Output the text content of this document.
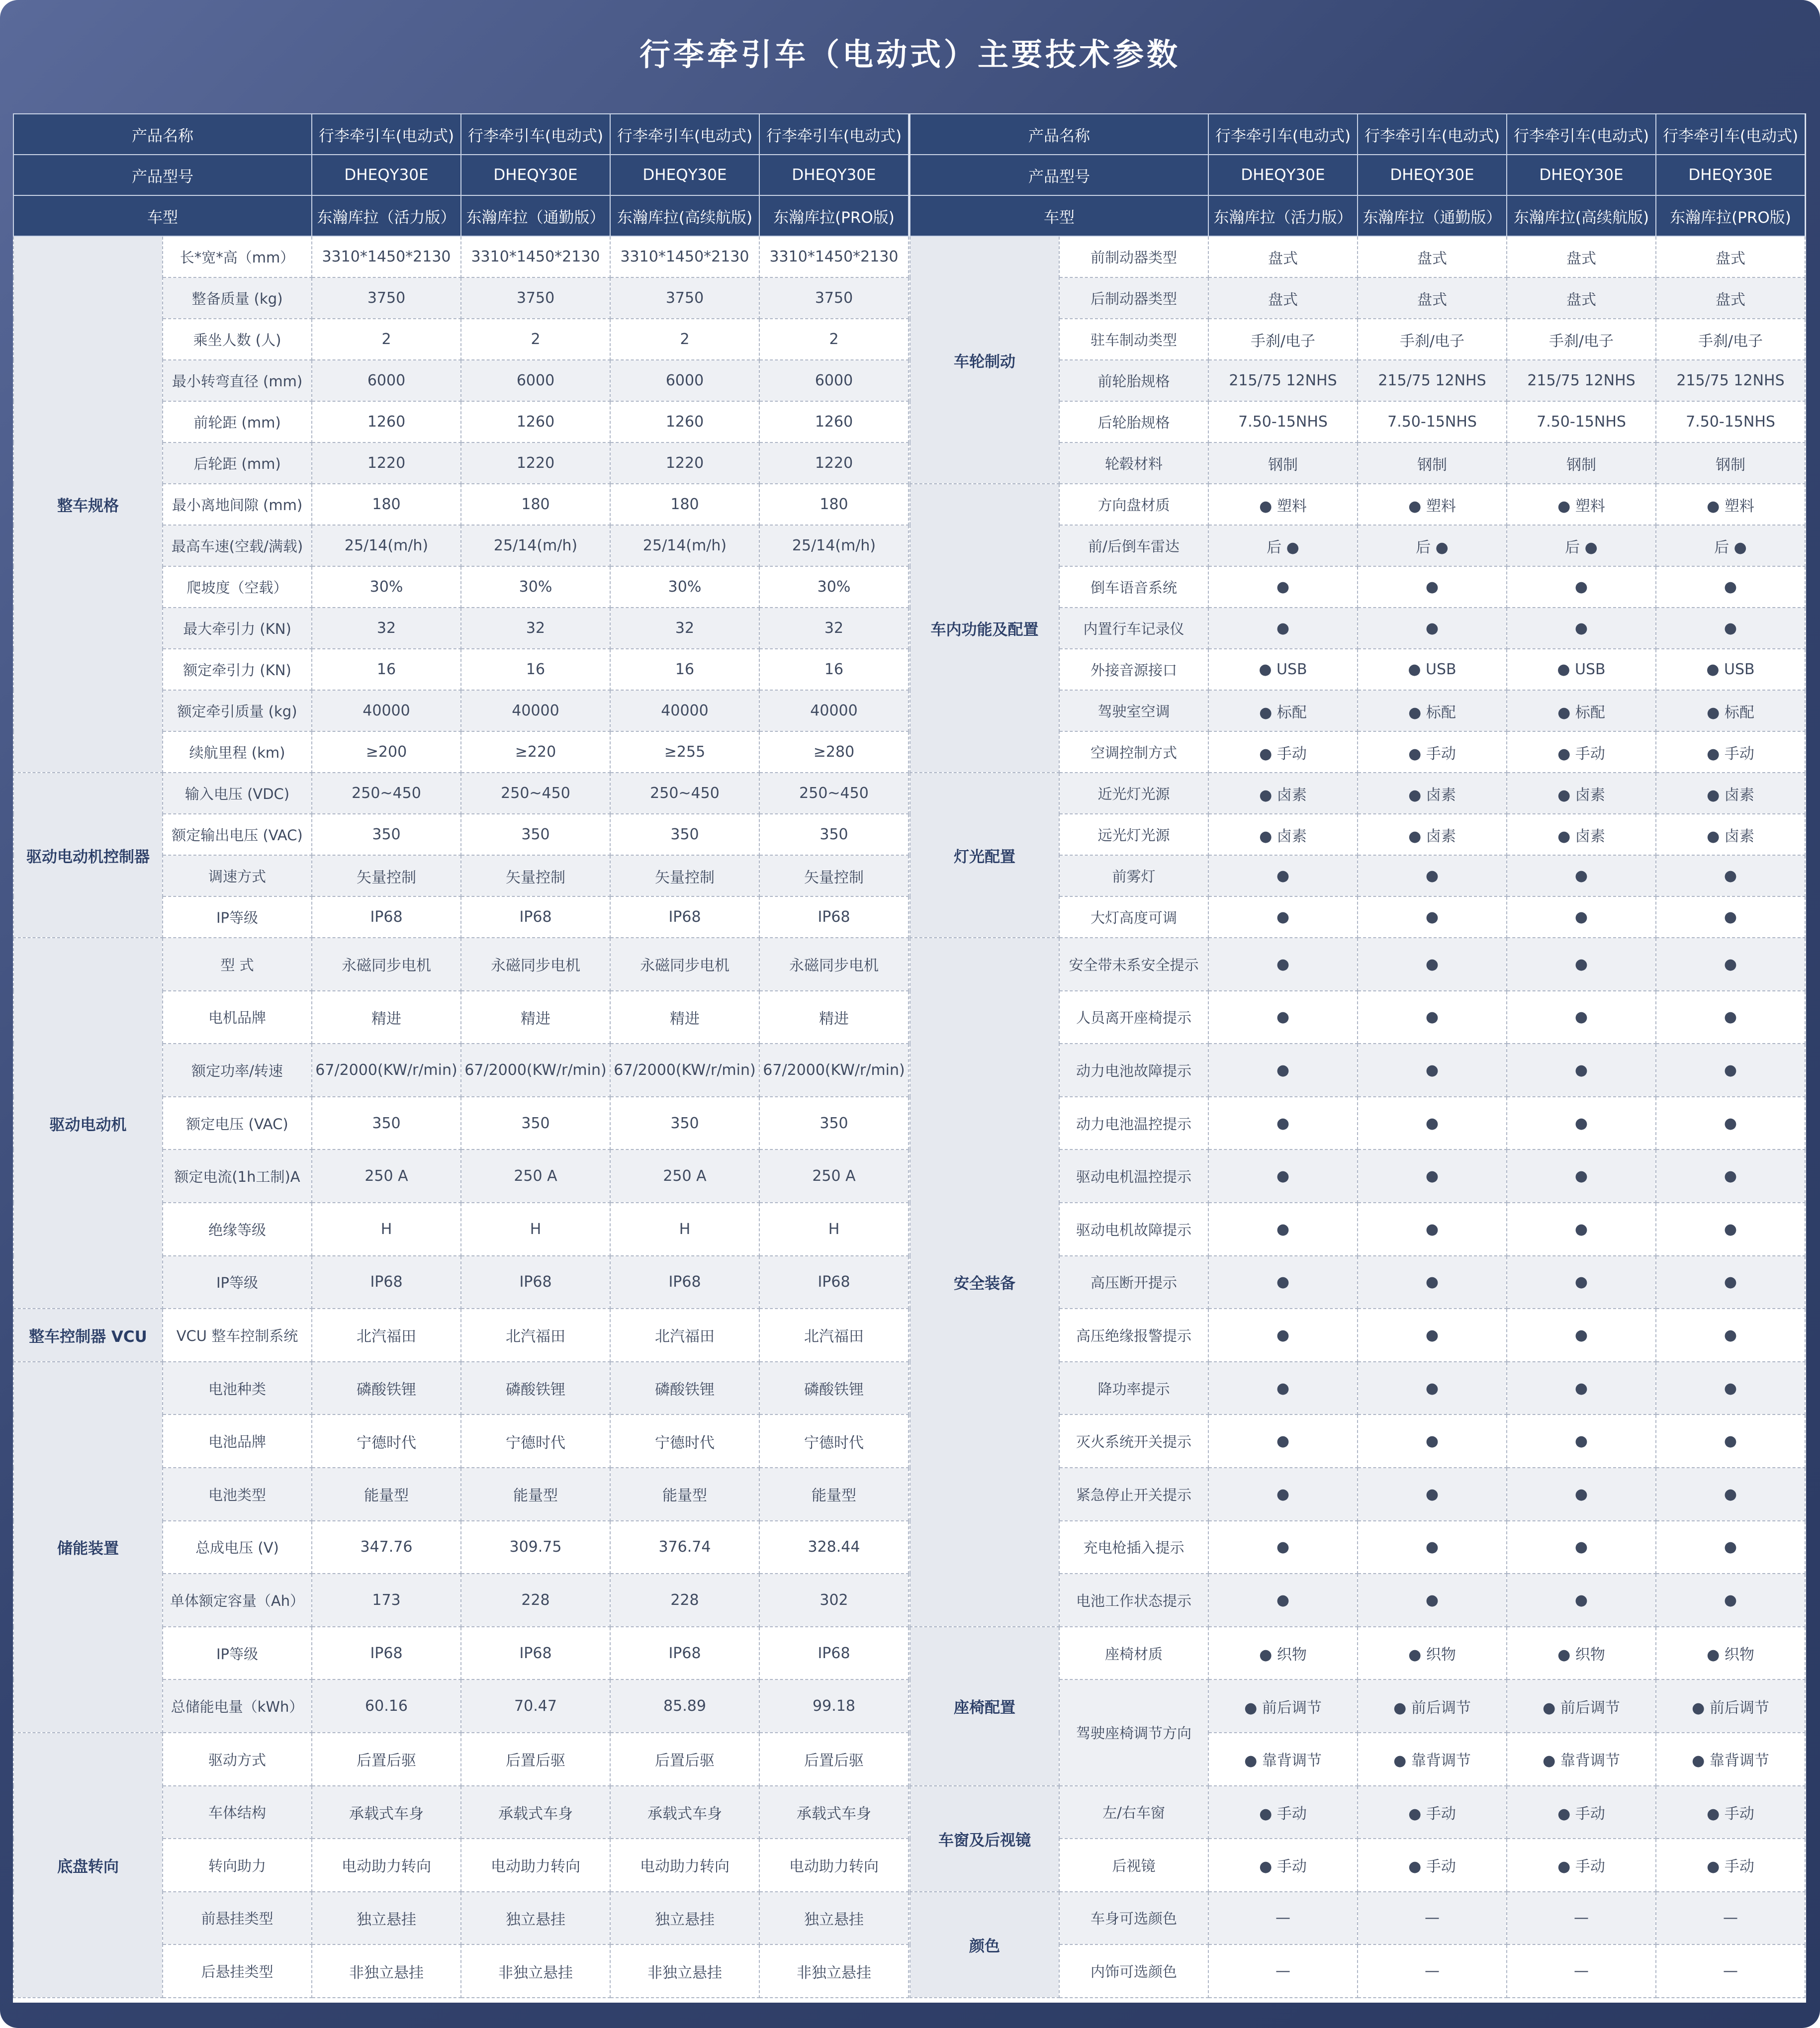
行李牵引车（电动式）主要技术参数
产品名称		行李牵引车(电动式)	行李牵引车(电动式)	行李牵引车(电动式)	行李牵引车(电动式)
产品型号		DHEQY30E	DHEQY30E	DHEQY30E	DHEQY30E
车型		东瀚库拉（活力版）	东瀚库拉（通勤版）	东瀚库拉(高续航版)	东瀚库拉(PRO版)
整车规格	长*宽*高（mm）	3310*1450*2130	3310*1450*2130	3310*1450*2130	3310*1450*2130
	整备质量 (kg)	3750	3750	3750	3750
	乘坐人数 (人)	2	2	2	2
	最小转弯直径 (mm)	6000	6000	6000	6000
	前轮距 (mm)	1260	1260	1260	1260
	后轮距 (mm)	1220	1220	1220	1220
	最小离地间隙 (mm)	180	180	180	180
	最高车速(空载/满载)	25/14(m/h)	25/14(m/h)	25/14(m/h)	25/14(m/h)
	爬坡度（空载）	30%	30%	30%	30%
	最大牵引力 (KN)	32	32	32	32
	额定牵引力 (KN)	16	16	16	16
	额定牵引质量 (kg)	40000	40000	40000	40000
	续航里程 (km)	≥200	≥220	≥255	≥280
驱动电动机控制器	输入电压 (VDC)	250~450	250~450	250~450	250~450
	额定输出电压 (VAC)	350	350	350	350
	调速方式	矢量控制	矢量控制	矢量控制	矢量控制
	IP等级	IP68	IP68	IP68	IP68
驱动电动机	型 式	永磁同步电机	永磁同步电机	永磁同步电机	永磁同步电机
	电机品牌	精进	精进	精进	精进
	额定功率/转速	67/2000(KW/r/min)	67/2000(KW/r/min)	67/2000(KW/r/min)	67/2000(KW/r/min)
	额定电压 (VAC)	350	350	350	350
	额定电流(1h工制)A	250 A	250 A	250 A	250 A
	绝缘等级	H	H	H	H
	IP等级	IP68	IP68	IP68	IP68
整车控制器 VCU	VCU 整车控制系统	北汽福田	北汽福田	北汽福田	北汽福田
储能装置	电池种类	磷酸铁锂	磷酸铁锂	磷酸铁锂	磷酸铁锂
	电池品牌	宁德时代	宁德时代	宁德时代	宁德时代
	电池类型	能量型	能量型	能量型	能量型
	总成电压 (V)	347.76	309.75	376.74	328.44
	单体额定容量（Ah）	173	228	228	302
	IP等级	IP68	IP68	IP68	IP68
	总储能电量（kWh）	60.16	70.47	85.89	99.18
底盘转向	驱动方式	后置后驱	后置后驱	后置后驱	后置后驱
	车体结构	承载式车身	承载式车身	承载式车身	承载式车身
	转向助力	电动助力转向	电动助力转向	电动助力转向	电动助力转向
	前悬挂类型	独立悬挂	独立悬挂	独立悬挂	独立悬挂
	后悬挂类型	非独立悬挂	非独立悬挂	非独立悬挂	非独立悬挂
产品名称		行李牵引车(电动式)	行李牵引车(电动式)	行李牵引车(电动式)	行李牵引车(电动式)
产品型号		DHEQY30E	DHEQY30E	DHEQY30E	DHEQY30E
车型		东瀚库拉（活力版）	东瀚库拉（通勤版）	东瀚库拉(高续航版)	东瀚库拉(PRO版)
车轮制动	前制动器类型	盘式	盘式	盘式	盘式
	后制动器类型	盘式	盘式	盘式	盘式
	驻车制动类型	手刹/电子	手刹/电子	手刹/电子	手刹/电子
	前轮胎规格	215/75 12NHS	215/75 12NHS	215/75 12NHS	215/75 12NHS
	后轮胎规格	7.50-15NHS	7.50-15NHS	7.50-15NHS	7.50-15NHS
	轮毂材料	钢制	钢制	钢制	钢制
车内功能及配置	方向盘材质	● 塑料	● 塑料	● 塑料	● 塑料
	前/后倒车雷达	后 ●	后 ●	后 ●	后 ●
	倒车语音系统	●	●	●	●
	内置行车记录仪	●	●	●	●
	外接音源接口	● USB	● USB	● USB	● USB
	驾驶室空调	● 标配	● 标配	● 标配	● 标配
	空调控制方式	● 手动	● 手动	● 手动	● 手动
灯光配置	近光灯光源	● 卤素	● 卤素	● 卤素	● 卤素
	远光灯光源	● 卤素	● 卤素	● 卤素	● 卤素
	前雾灯	●	●	●	●
	大灯高度可调	●	●	●	●
安全装备	安全带未系安全提示	●	●	●	●
	人员离开座椅提示	●	●	●	●
	动力电池故障提示	●	●	●	●
	动力电池温控提示	●	●	●	●
	驱动电机温控提示	●	●	●	●
	驱动电机故障提示	●	●	●	●
	高压断开提示	●	●	●	●
	高压绝缘报警提示	●	●	●	●
	降功率提示	●	●	●	●
	灭火系统开关提示	●	●	●	●
	紧急停止开关提示	●	●	●	●
	充电枪插入提示	●	●	●	●
	电池工作状态提示	●	●	●	●
座椅配置	座椅材质	● 织物	● 织物	● 织物	● 织物
	驾驶座椅调节方向	● 前后调节	● 前后调节	● 前后调节	● 前后调节
		● 靠背调节	● 靠背调节	● 靠背调节	● 靠背调节
车窗及后视镜	左/右车窗	● 手动	● 手动	● 手动	● 手动
	后视镜	● 手动	● 手动	● 手动	● 手动
颜色	车身可选颜色	—	—	—	—
	内饰可选颜色	—	—	—	—
